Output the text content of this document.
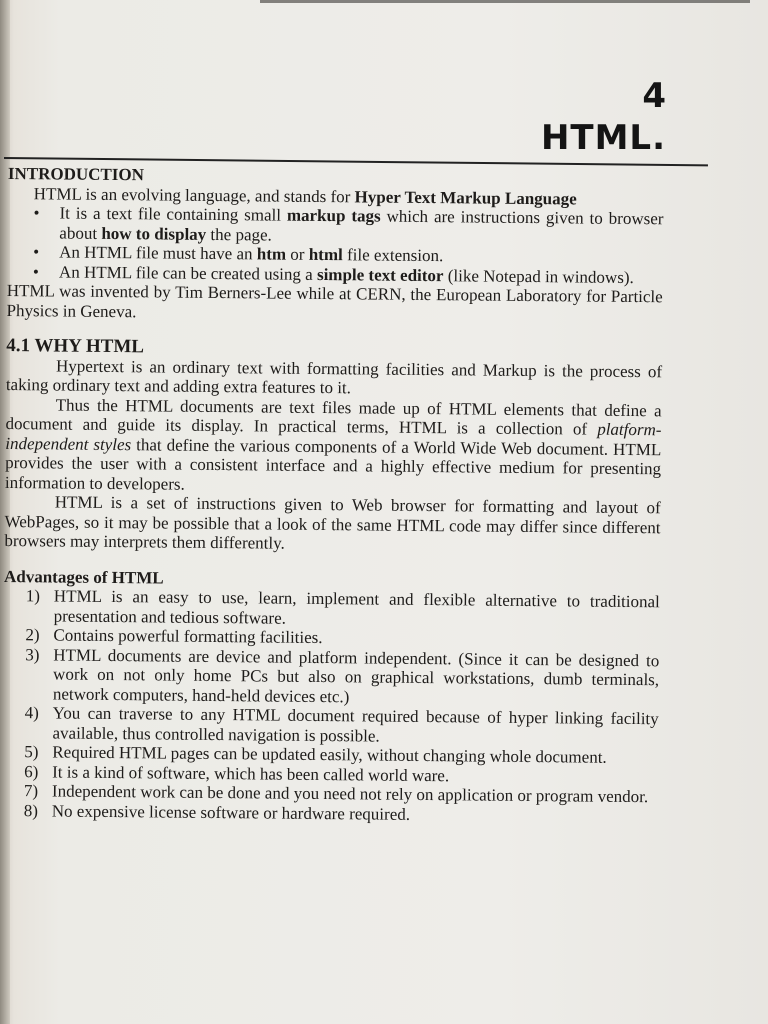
4
HTML.
INTRODUCTION

HTML is an evolving language, and stands for Hyper Text Markup Language

• It is a text file containing small markup tags which are instructions given to browser about how to display the page.
• An HTML file must have an htm or html file extension.
• An HTML file can be created using a simple text editor (like Notepad in windows).

HTML was invented by Tim Berners-Lee while at CERN, the European Laboratory for Particle Physics in Geneva.

4.1 WHY HTML

Hypertext is an ordinary text with formatting facilities and Markup is the process of taking ordinary text and adding extra features to it.

Thus the HTML documents are text files made up of HTML elements that define a document and guide its display. In practical terms, HTML is a collection of platform-independent styles that define the various components of a World Wide Web document. HTML provides the user with a consistent interface and a highly effective medium for presenting information to developers.

HTML is a set of instructions given to Web browser for formatting and layout of WebPages, so it may be possible that a look of the same HTML code may differ since different browsers may interprets them differently.

Advantages of HTML
1) HTML is an easy to use, learn, implement and flexible alternative to traditional presentation and tedious software.
2) Contains powerful formatting facilities.
3) HTML documents are device and platform independent. (Since it can be designed to work on not only home PCs but also on graphical workstations, dumb terminals, network computers, hand-held devices etc.)
4) You can traverse to any HTML document required because of hyper linking facility available, thus controlled navigation is possible.
5) Required HTML pages can be updated easily, without changing whole document.
6) It is a kind of software, which has been called world ware.
7) Independent work can be done and you need not rely on application or program vendor.
8) No expensive license software or hardware required.
